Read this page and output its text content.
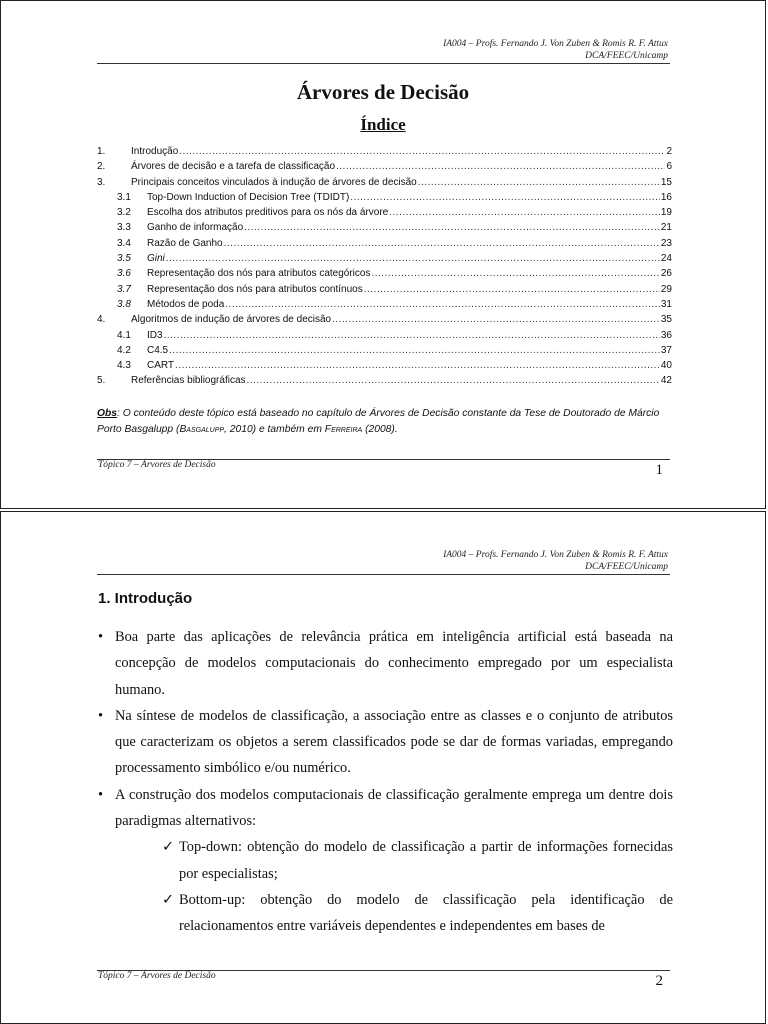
IA004 – Profs. Fernando J. Von Zuben & Romis R. F. Attux
DCA/FEEC/Unicamp
Árvores de Decisão
Índice
1.	Introdução .....	2
2.	Árvores de decisão e a tarefa de classificação .....	6
3.	Principais conceitos vinculados à indução de árvores de decisão .....	15
3.1	Top-Down Induction of Decision Tree (TDIDT) .....	16
3.2	Escolha dos atributos preditivos para os nós da árvore .....	19
3.3	Ganho de informação .....	21
3.4	Razão de Ganho .....	23
3.5	Gini .....	24
3.6	Representação dos nós para atributos categóricos .....	26
3.7	Representação dos nós para atributos contínuos .....	29
3.8	Métodos de poda .....	31
4.	Algoritmos de indução de árvores de decisão .....	35
4.1	ID3 .....	36
4.2	C4.5 .....	37
4.3	CART .....	40
5.	Referências bibliográficas .....	42
Obs: O conteúdo deste tópico está baseado no capítulo de Árvores de Decisão constante da Tese de Doutorado de Márcio Porto Basgalupp (Basgalupp, 2010) e também em Ferreira (2008).
Tópico 7 – Árvores de Decisão	1
IA004 – Profs. Fernando J. Von Zuben & Romis R. F. Attux
DCA/FEEC/Unicamp
1. Introdução
• Boa parte das aplicações de relevância prática em inteligência artificial está baseada na concepção de modelos computacionais do conhecimento empregado por um especialista humano.
• Na síntese de modelos de classificação, a associação entre as classes e o conjunto de atributos que caracterizam os objetos a serem classificados pode se dar de formas variadas, empregando processamento simbólico e/ou numérico.
• A construção dos modelos computacionais de classificação geralmente emprega um dentre dois paradigmas alternativos:
✓ Top-down: obtenção do modelo de classificação a partir de informações fornecidas por especialistas;
✓ Bottom-up: obtenção do modelo de classificação pela identificação de relacionamentos entre variáveis dependentes e independentes em bases de
Tópico 7 – Árvores de Decisão	2
